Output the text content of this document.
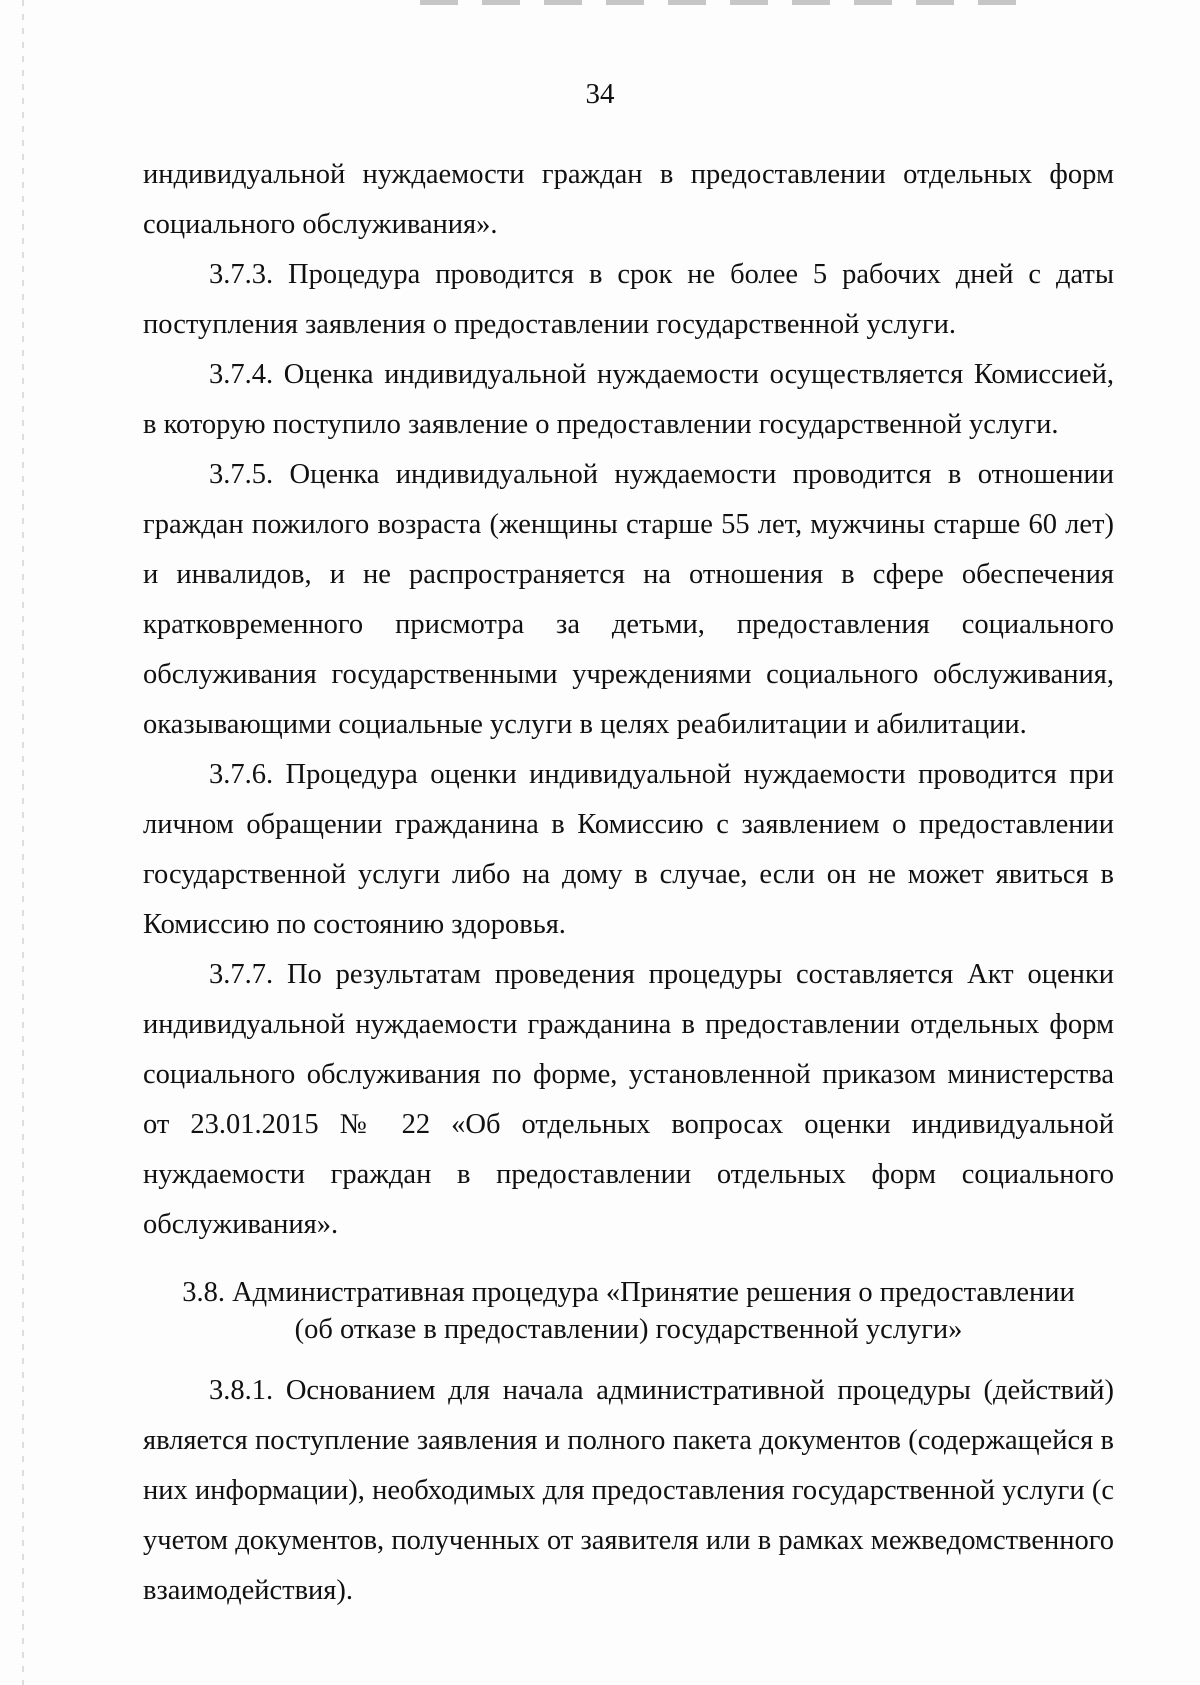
34

индивидуальной нуждаемости граждан в предоставлении отдельных форм социального обслуживания».

3.7.3. Процедура проводится в срок не более 5 рабочих дней с даты поступления заявления о предоставлении государственной услуги.

3.7.4. Оценка индивидуальной нуждаемости осуществляется Комиссией, в которую поступило заявление о предоставлении государственной услуги.

3.7.5. Оценка индивидуальной нуждаемости проводится в отношении граждан пожилого возраста (женщины старше 55 лет, мужчины старше 60 лет) и инвалидов, и не распространяется на отношения в сфере обеспечения кратковременного присмотра за детьми, предоставления социального обслуживания государственными учреждениями социального обслуживания, оказывающими социальные услуги в целях реабилитации и абилитации.

3.7.6. Процедура оценки индивидуальной нуждаемости проводится при личном обращении гражданина в Комиссию с заявлением о предоставлении государственной услуги либо на дому в случае, если он не может явиться в Комиссию по состоянию здоровья.

3.7.7. По результатам проведения процедуры составляется Акт оценки индивидуальной нуждаемости гражданина в предоставлении отдельных форм социального обслуживания по форме, установленной приказом министерства от 23.01.2015 № 22 «Об отдельных вопросах оценки индивидуальной нуждаемости граждан в предоставлении отдельных форм социального обслуживания».

3.8. Административная процедура «Принятие решения о предоставлении
(об отказе в предоставлении) государственной услуги»

3.8.1. Основанием для начала административной процедуры (действий) является поступление заявления и полного пакета документов (содержащейся в них информации), необходимых для предоставления государственной услуги (с учетом документов, полученных от заявителя или в рамках межведомственного взаимодействия).
